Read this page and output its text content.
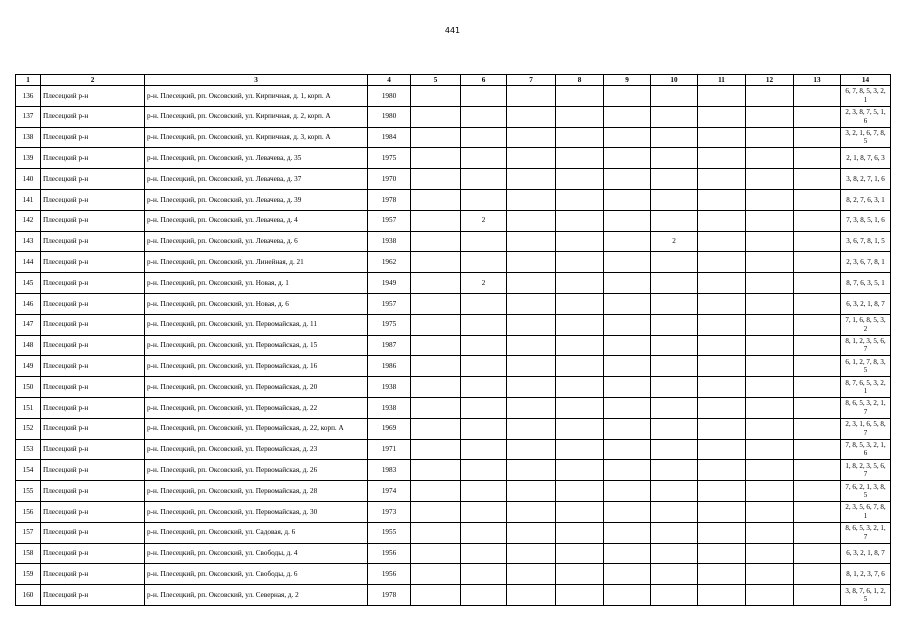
441
1	2	3	4	5	6	7	8	9	10	11	12	13	14
136	Плесецкий р-н	р-н. Плесецкий, рп. Оксовский, ул. Кирпичная, д. 1, корп. А	1980										6, 7, 8, 5, 3, 2, 1
137	Плесецкий р-н	р-н. Плесецкий, рп. Оксовский, ул. Кирпичная, д. 2, корп. А	1980										2, 3, 8, 7, 5, 1, 6
138	Плесецкий р-н	р-н. Плесецкий, рп. Оксовский, ул. Кирпичная, д. 3, корп. А	1984										3, 2, 1, 6, 7, 8, 5
139	Плесецкий р-н	р-н. Плесецкий, рп. Оксовский, ул. Левачева, д. 35	1975										2, 1, 8, 7, 6, 3
140	Плесецкий р-н	р-н. Плесецкий, рп. Оксовский, ул. Левачева, д. 37	1970										3, 8, 2, 7, 1, 6
141	Плесецкий р-н	р-н. Плесецкий, рп. Оксовский, ул. Левачева, д. 39	1978										8, 2, 7, 6, 3, 1
142	Плесецкий р-н	р-н. Плесецкий, рп. Оксовский, ул. Левачева, д. 4	1957		2								7, 3, 8, 5, 1, 6
143	Плесецкий р-н	р-н. Плесецкий, рп. Оксовский, ул. Левачева, д. 6	1938						2				3, 6, 7, 8, 1, 5
144	Плесецкий р-н	р-н. Плесецкий, рп. Оксовский, ул. Линейная, д. 21	1962										2, 3, 6, 7, 8, 1
145	Плесецкий р-н	р-н. Плесецкий, рп. Оксовский, ул. Новая, д. 1	1949		2								8, 7, 6, 3, 5, 1
146	Плесецкий р-н	р-н. Плесецкий, рп. Оксовский, ул. Новая, д. 6	1957										6, 3, 2, 1, 8, 7
147	Плесецкий р-н	р-н. Плесецкий, рп. Оксовский, ул. Первомайская, д. 11	1975										7, 1, 6, 8, 5, 3, 2
148	Плесецкий р-н	р-н. Плесецкий, рп. Оксовский, ул. Первомайская, д. 15	1987										8, 1, 2, 3, 5, 6, 7
149	Плесецкий р-н	р-н. Плесецкий, рп. Оксовский, ул. Первомайская, д. 16	1986										6, 1, 2, 7, 8, 3, 5
150	Плесецкий р-н	р-н. Плесецкий, рп. Оксовский, ул. Первомайская, д. 20	1938										8, 7, 6, 5, 3, 2, 1
151	Плесецкий р-н	р-н. Плесецкий, рп. Оксовский, ул. Первомайская, д. 22	1938										8, 6, 5, 3, 2, 1, 7
152	Плесецкий р-н	р-н. Плесецкий, рп. Оксовский, ул. Первомайская, д. 22, корп. А	1969										2, 3, 1, 6, 5, 8, 7
153	Плесецкий р-н	р-н. Плесецкий, рп. Оксовский, ул. Первомайская, д. 23	1971										7, 8, 5, 3, 2, 1, 6
154	Плесецкий р-н	р-н. Плесецкий, рп. Оксовский, ул. Первомайская, д. 26	1983										1, 8, 2, 3, 5, 6, 7
155	Плесецкий р-н	р-н. Плесецкий, рп. Оксовский, ул. Первомайская, д. 28	1974										7, 6, 2, 1, 3, 8, 5
156	Плесецкий р-н	р-н. Плесецкий, рп. Оксовский, ул. Первомайская, д. 30	1973										2, 3, 5, 6, 7, 8, 1
157	Плесецкий р-н	р-н. Плесецкий, рп. Оксовский, ул. Садовая, д. 6	1955										8, 6, 5, 3, 2, 1, 7
158	Плесецкий р-н	р-н. Плесецкий, рп. Оксовский, ул. Свободы, д. 4	1956										6, 3, 2, 1, 8, 7
159	Плесецкий р-н	р-н. Плесецкий, рп. Оксовский, ул. Свободы, д. 6	1956										8, 1, 2, 3, 7, 6
160	Плесецкий р-н	р-н. Плесецкий, рп. Оксовский, ул. Северная, д. 2	1978										3, 8, 7, 6, 1, 2, 5
